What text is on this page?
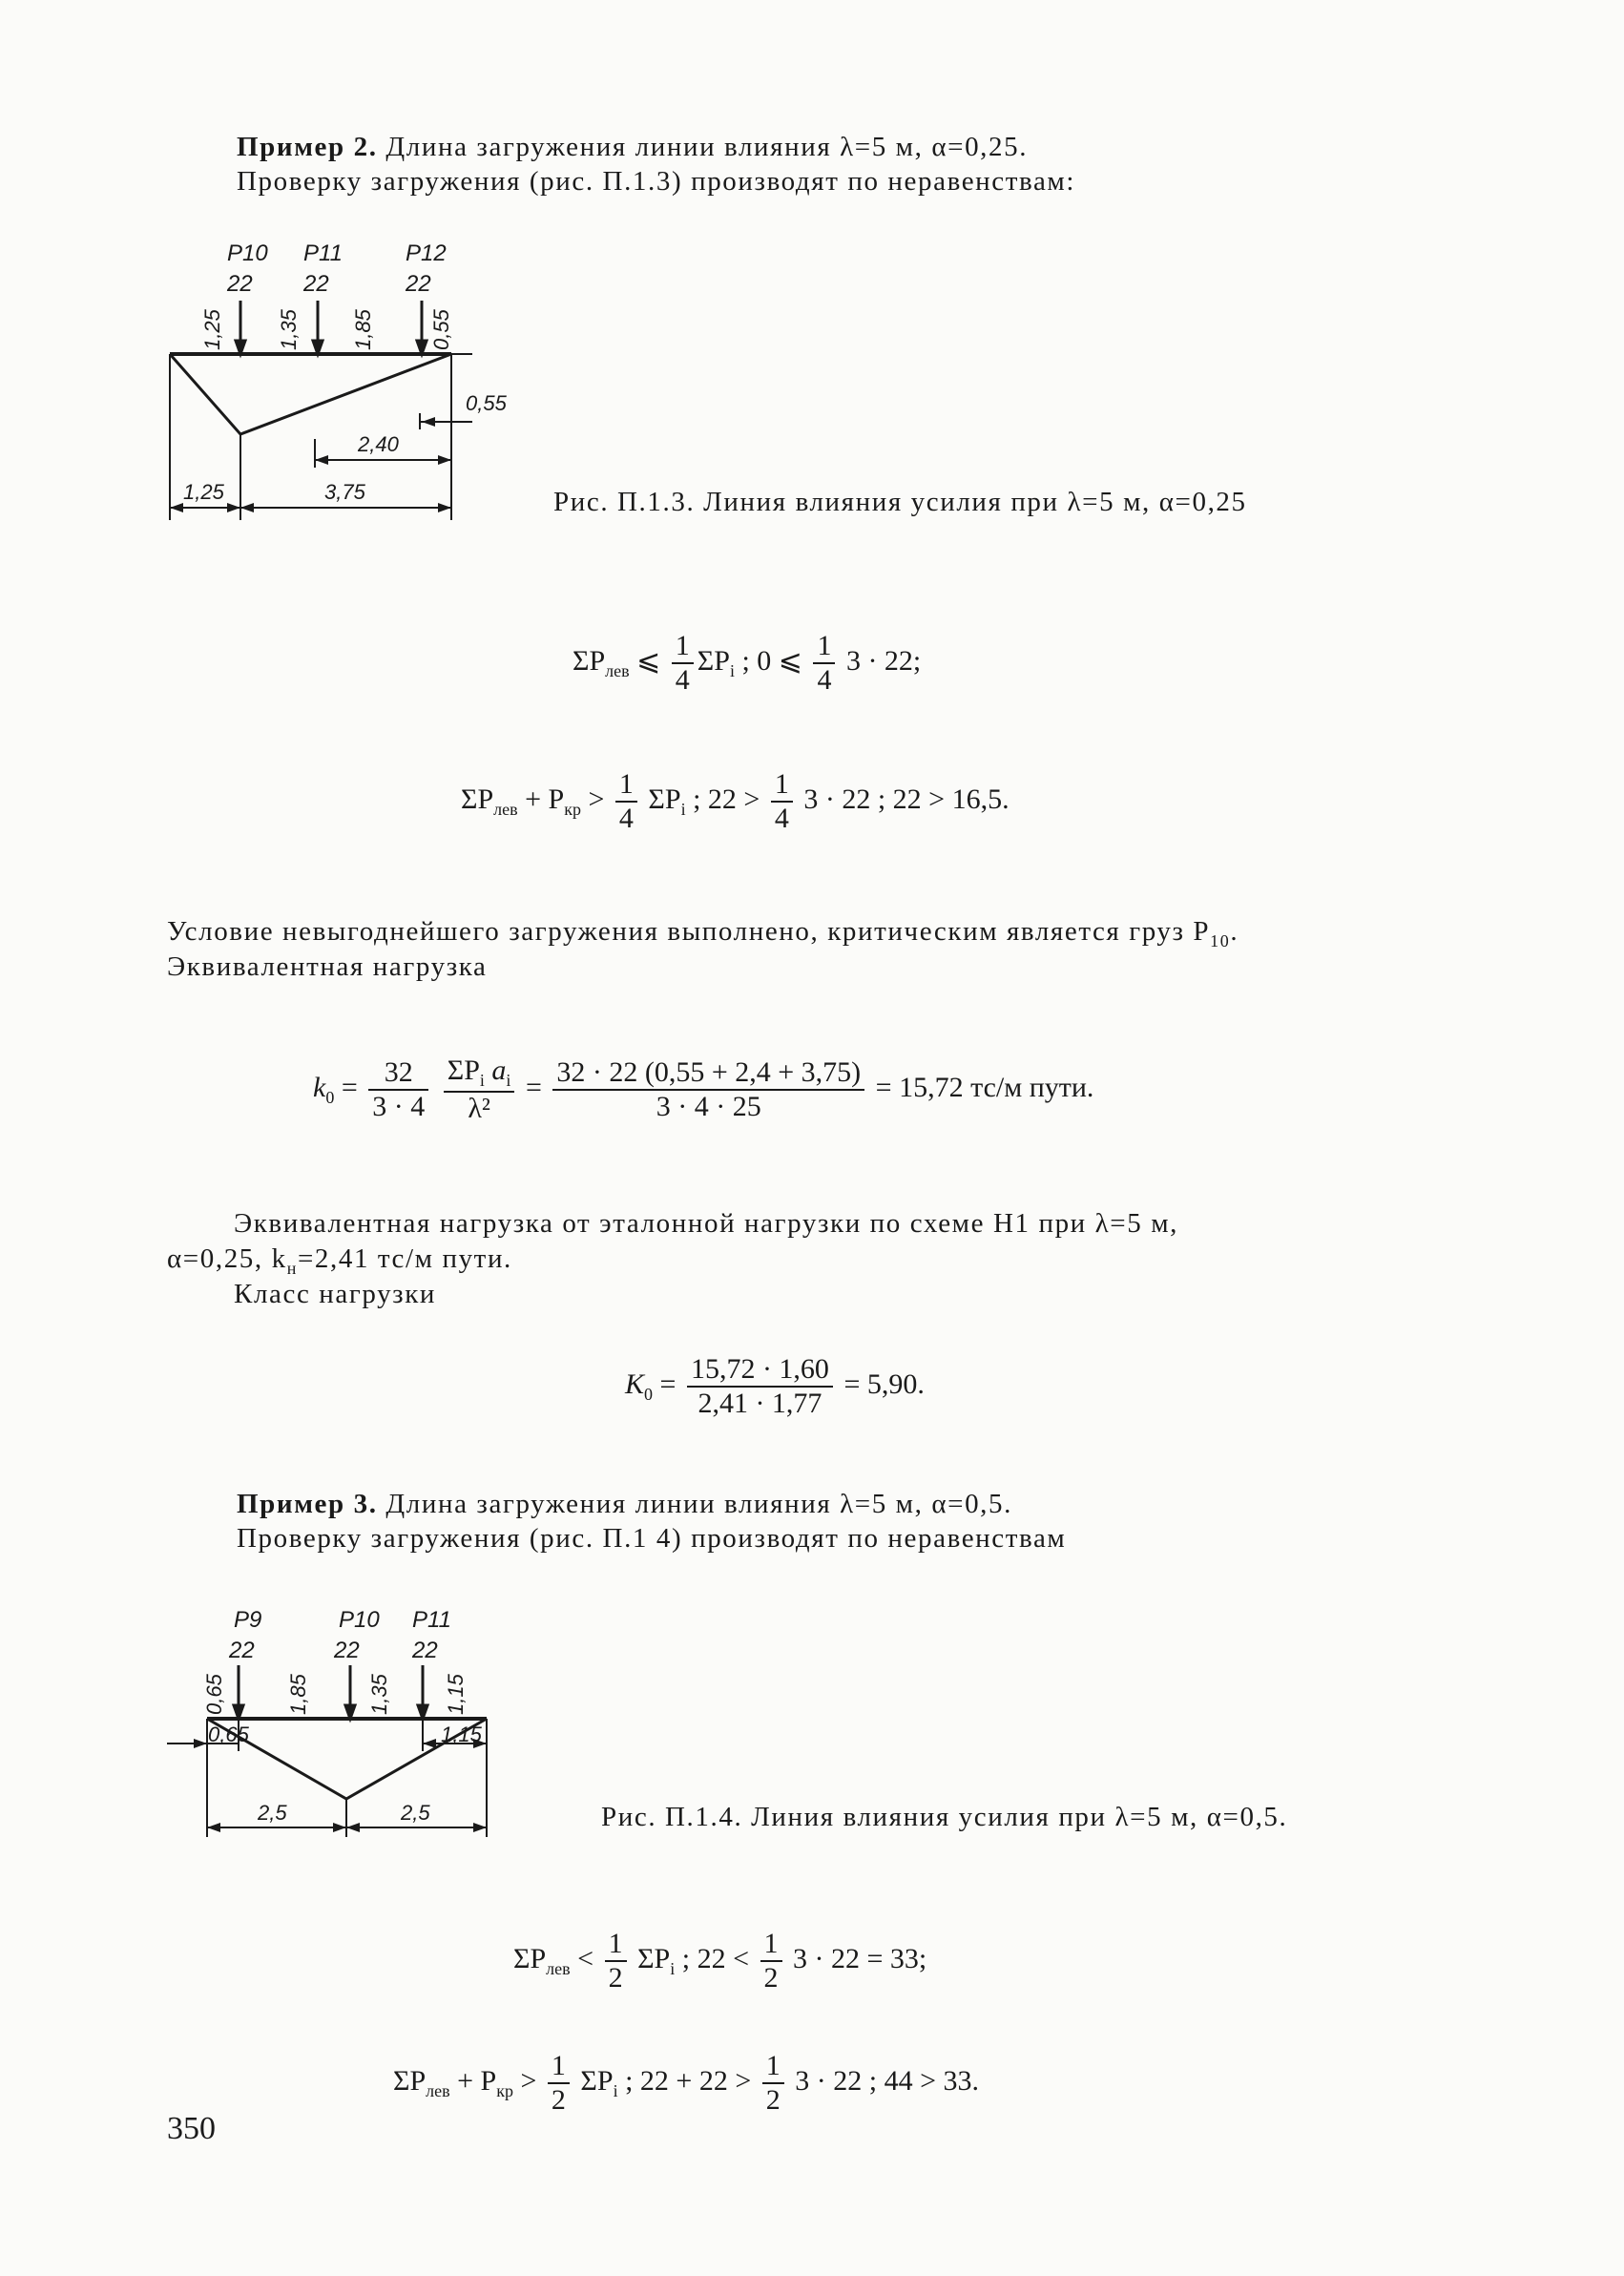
Пример 2. Длина загружения линии влияния λ=5 м, α=0,25.
Проверку загружения (рис. П.1.3) производят по неравенствам:
P10
22
P11
22
P12
22
1,25	1,35 1,85	0,55
0,55
2,40
1,25	3,75	Рис. П.1.3. Линия влияния усилия при λ=5 м, α=0,25
$\Sigma P_{лев}$ ⩽ $\frac{1}{4} \Sigma P_i$ ; 0 ⩽ $\frac{1}{4} 3 \cdot 22$;
$\Sigma P_{лев} + P_{кр} > \frac{1}{4} \Sigma P_i$ ; $22 > \frac{1}{4} 3 \cdot 22$ ; 22 > 16,5.
Условие невыгоднейшего загружения выполнено, критическим является груз $P_{10}$.
Эквивалентная нагрузка
$k_0 = \frac{32}{3 \cdot 4}$
$\frac{\Sigma P_i a_i}{\text{λ²}} = \frac{32 \cdot 22 (0,55 + 2,4 + 3,75)}{3 \cdot 4 \cdot 25} = 15,72$ тс/м пути.
Эквивалентная нагрузка от эталонной нагрузки по схеме H1 при λ=5 м,
α=0,25, $k_н=2,41$ тс/м пути.
Класс нагрузки
$K_0 = \frac{15,72 \cdot 1,60}{2,41 \cdot 1,77} = 5,90$.
Пример 3. Длина загружения линии влияния λ=5 м, α=0,5.
Проверку загружения (рис. П.1 4) производят по неравенствам
P9
22
P10
22
P11
22
0,65	1,85	1,35	1,15
0,65	1,15
2,5	2,5	Рис. П.1.4. Линия влияния усилия при λ=5 м, α=0,5.
$\Sigma P_{лев} < \frac{1}{2} \Sigma P_i$ ; $22 < \frac{1}{2} 3 \cdot 22 = 33$;
$\Sigma P_{лев} + P_{кр} > \frac{1}{2} \Sigma P_i$ ; $22 + 22 > \frac{1}{2} 3 \cdot 22$ ; 44 > 33.
350
